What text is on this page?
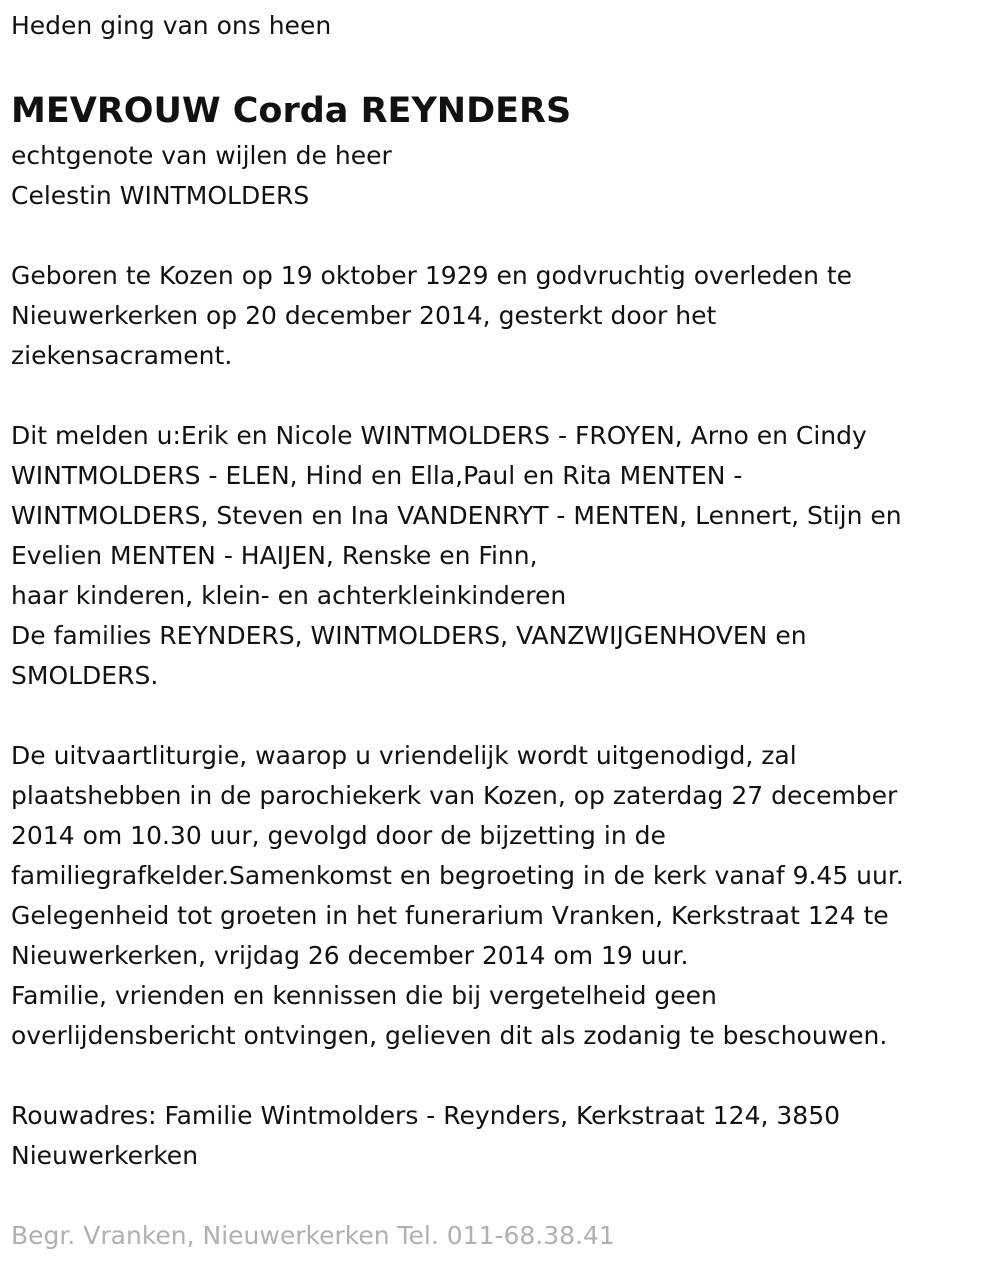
Heden ging van ons heen

MEVROUW Corda REYNDERS

echtgenote van wijlen de heer

Celestin WINTMOLDERS

Geboren te Kozen op 19 oktober 1929 en godvruchtig overleden te

Nieuwerkerken op 20 december 2014, gesterkt door het

ziekensacrament.

Dit melden u:Erik en Nicole WINTMOLDERS - FROYEN, Arno en Cindy

WINTMOLDERS - ELEN, Hind en Ella,Paul en Rita MENTEN -

WINTMOLDERS, Steven en Ina VANDENRYT - MENTEN, Lennert, Stijn en

Evelien MENTEN - HAIJEN, Renske en Finn,

haar kinderen, klein- en achterkleinkinderen

De families REYNDERS, WINTMOLDERS, VANZWIJGENHOVEN en

SMOLDERS.

De uitvaartliturgie, waarop u vriendelijk wordt uitgenodigd, zal

plaatshebben in de parochiekerk van Kozen, op zaterdag 27 december

2014 om 10.30 uur, gevolgd door de bijzetting in de

familiegrafkelder.Samenkomst en begroeting in de kerk vanaf 9.45 uur.

Gelegenheid tot groeten in het funerarium Vranken, Kerkstraat 124 te

Nieuwerkerken, vrijdag 26 december 2014 om 19 uur.

Familie, vrienden en kennissen die bij vergetelheid geen

overlijdensbericht ontvingen, gelieven dit als zodanig te beschouwen.

Rouwadres: Familie Wintmolders - Reynders, Kerkstraat 124, 3850

Nieuwerkerken

Begr. Vranken, Nieuwerkerken Tel. 011-68.38.41
